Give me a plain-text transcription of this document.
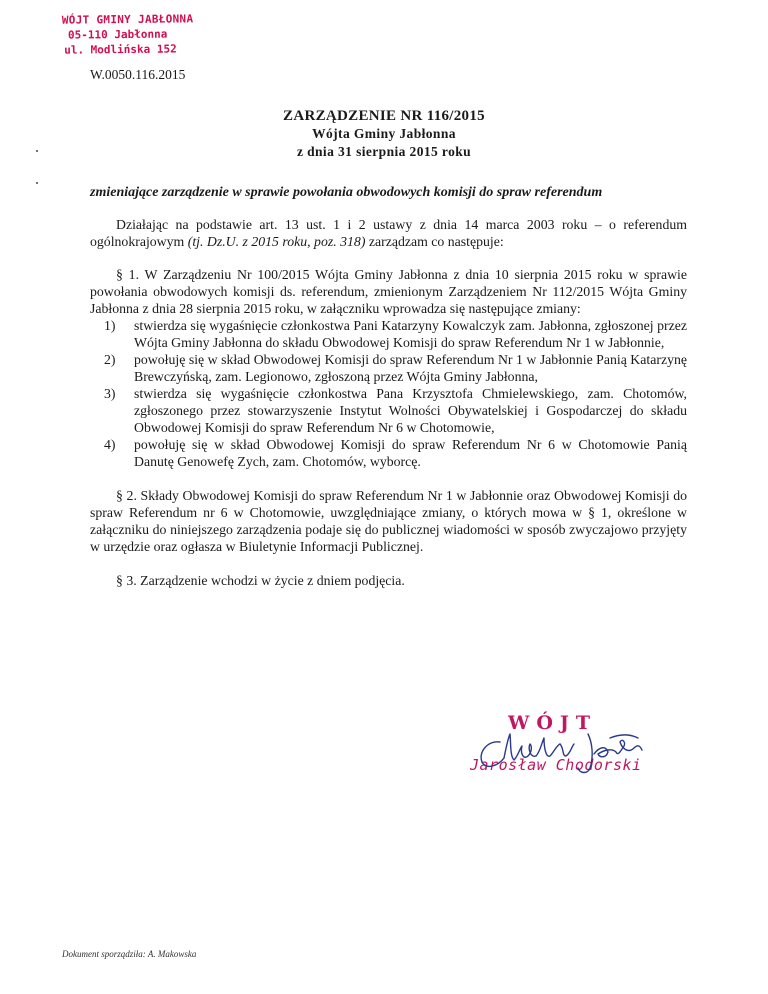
WÓJT GMINY JABŁONNA
05-110 Jabłonna
ul. Modlińska 152
W.0050.116.2015
ZARZĄDZENIE NR 116/2015
Wójta Gminy Jabłonna
z dnia 31 sierpnia 2015 roku
zmieniające zarządzenie w sprawie powołania obwodowych komisji do spraw referendum

Działając na podstawie art. 13 ust. 1 i 2 ustawy z dnia 14 marca 2003 roku – o referendum ogólnokrajowym (tj. Dz.U. z 2015 roku, poz. 318) zarządzam co następuje:

§ 1. W Zarządzeniu Nr 100/2015 Wójta Gminy Jabłonna z dnia 10 sierpnia 2015 roku w sprawie powołania obwodowych komisji ds. referendum, zmienionym Zarządzeniem Nr 112/2015 Wójta Gminy Jabłonna z dnia 28 sierpnia 2015 roku, w załączniku wprowadza się następujące zmiany:

1) stwierdza się wygaśnięcie członkostwa Pani Katarzyny Kowalczyk zam. Jabłonna, zgłoszonej przez Wójta Gminy Jabłonna do składu Obwodowej Komisji do spraw Referendum Nr 1 w Jabłonnie,
2) powołuję się w skład Obwodowej Komisji do spraw Referendum Nr 1 w Jabłonnie Panią Katarzynę Brewczyńską, zam. Legionowo, zgłoszoną przez Wójta Gminy Jabłonna,
3) stwierdza się wygaśnięcie członkostwa Pana Krzysztofa Chmielewskiego, zam. Chotomów, zgłoszonego przez stowarzyszenie Instytut Wolności Obywatelskiej i Gospodarczej do składu Obwodowej Komisji do spraw Referendum Nr 6 w Chotomowie,
4) powołuję się w skład Obwodowej Komisji do spraw Referendum Nr 6 w Chotomowie Panią Danutę Genowefę Zych, zam. Chotomów, wyborcę.

§ 2. Składy Obwodowej Komisji do spraw Referendum Nr 1 w Jabłonnie oraz Obwodowej Komisji do spraw Referendum nr 6 w Chotomowie, uwzględniające zmiany, o których mowa w § 1, określone w załączniku do niniejszego zarządzenia podaje się do publicznej wiadomości w sposób zwyczajowo przyjęty w urzędzie oraz ogłasza w Biuletynie Informacji Publicznej.

§ 3. Zarządzenie wchodzi w życie z dniem podjęcia.

WÓJT
Jarosław Chodorski
Dokument sporządziła: A. Makowska
